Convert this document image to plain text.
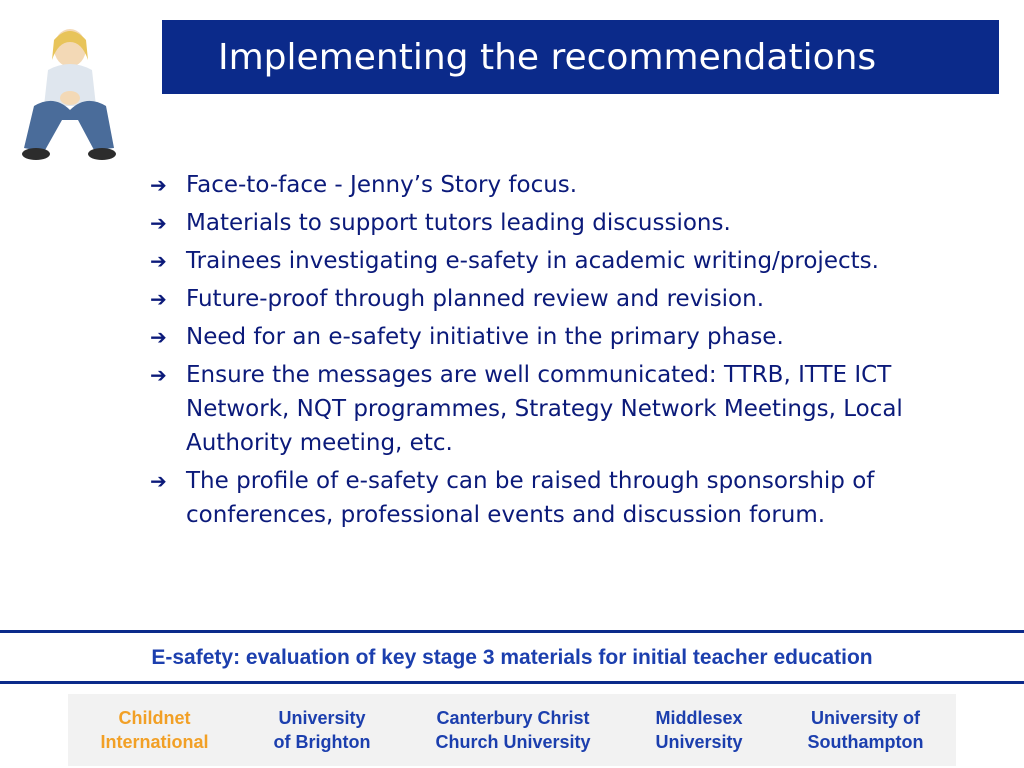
Implementing the recommendations
➔ Face-to-face - Jenny’s Story focus.
➔ Materials to support tutors leading discussions.
➔ Trainees investigating e-safety in academic writing/projects.
➔ Future-proof through planned review and revision.
➔ Need for an e-safety initiative in the primary phase.
➔ Ensure the messages are well communicated: TTRB, ITTE ICT Network, NQT programmes, Strategy Network Meetings, Local Authority meeting, etc.
➔ The profile of e-safety can be raised through sponsorship of conferences, professional events and discussion forum.
E-safety: evaluation of key stage 3 materials for initial teacher education
Childnet
International
University
of Brighton
Canterbury Christ
Church University
Middlesex
University
University of
Southampton
